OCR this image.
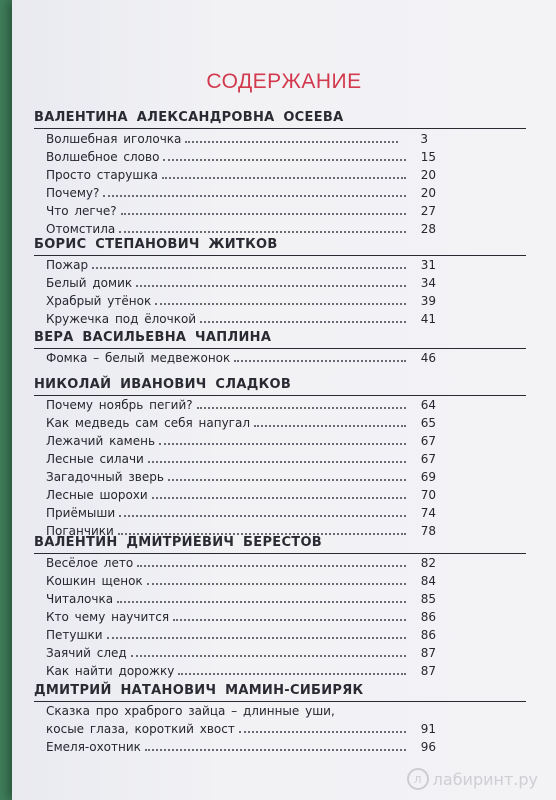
СОДЕРЖАНИЕ
ВАЛЕНТИНА АЛЕКСАНДРОВНА ОСЕЕВА
Волшебная иголочка	3
Волшебное слово	15
Просто старушка	20
Почему?	20
Что легче?	27
Отомстила	28
БОРИС СТЕПАНОВИЧ ЖИТКОВ
Пожар	31
Белый домик	34
Храбрый утёнок	39
Кружечка под ёлочкой	41
ВЕРА ВАСИЛЬЕВНА ЧАПЛИНА
Фомка – белый медвежонок	46
НИКОЛАЙ ИВАНОВИЧ СЛАДКОВ
Почему ноябрь пегий?	64
Как медведь сам себя напугал	65
Лежачий камень	67
Лесные силачи	67
Загадочный зверь	69
Лесные шорохи	70
Приёмыши	74
Поганчики	78
ВАЛЕНТИН ДМИТРИЕВИЧ БЕРЕСТОВ
Весёлое лето	82
Кошкин щенок	84
Читалочка	85
Кто чему научится	86
Петушки	86
Заячий след	87
Как найти дорожку	87
ДМИТРИЙ НАТАНОВИЧ МАМИН-СИБИРЯК
Сказка про храброго зайца – длинные уши,
косые глаза, короткий хвост	91
Емеля-охотник	96
л лабиринт.ру
